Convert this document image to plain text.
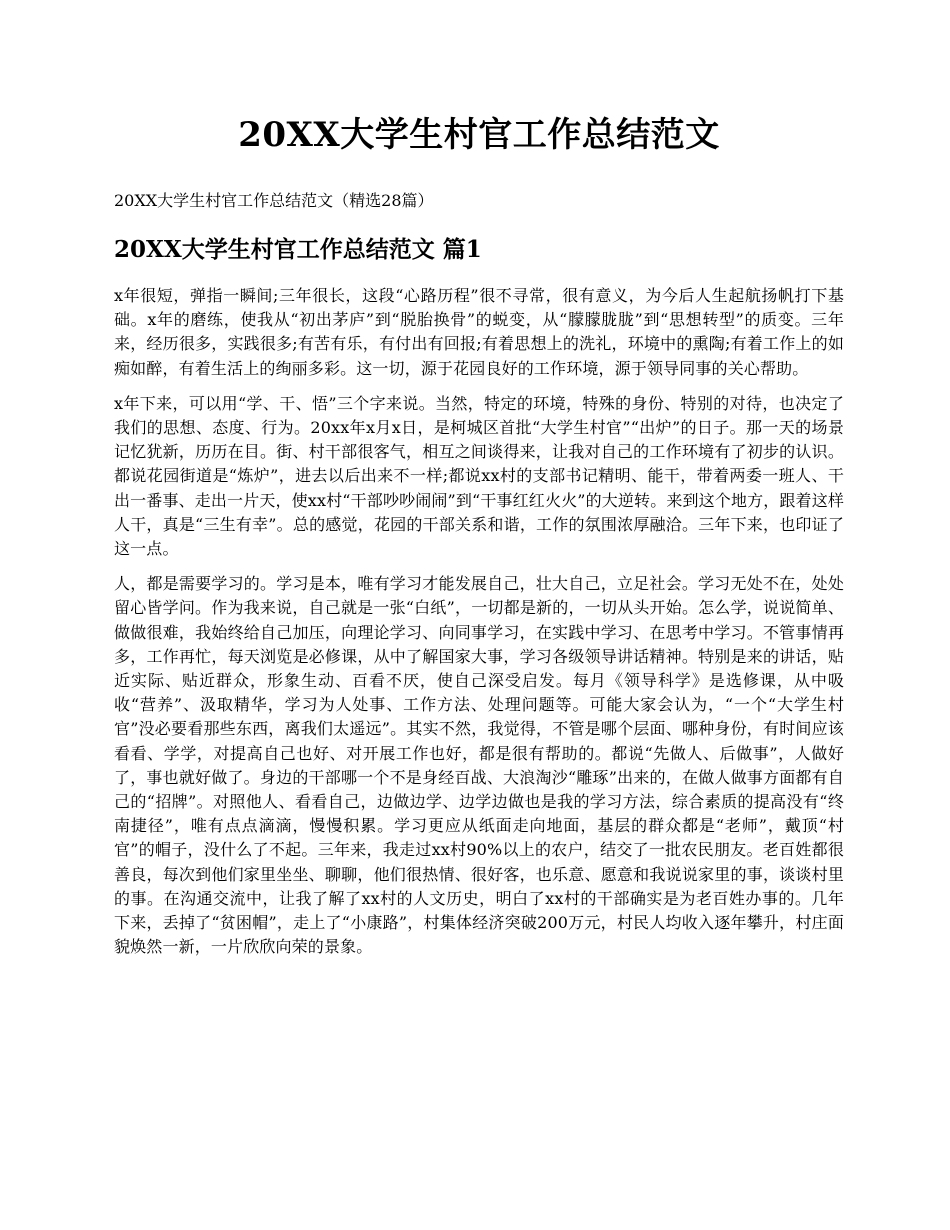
20XX大学生村官工作总结范文

20XX大学生村官工作总结范文（精选28篇）

20XX大学生村官工作总结范文 篇1

x年很短，弹指一瞬间;三年很长，这段“心路历程”很不寻常，很有意义，为今后人生起航扬帆打下基础。x年的磨练，使我从“初出茅庐”到“脱胎换骨”的蜕变，从“朦朦胧胧”到“思想转型”的质变。三年来，经历很多，实践很多;有苦有乐，有付出有回报;有着思想上的洗礼，环境中的熏陶;有着工作上的如痴如醉，有着生活上的绚丽多彩。这一切，源于花园良好的工作环境，源于领导同事的关心帮助。

x年下来，可以用“学、干、悟”三个字来说。当然，特定的环境，特殊的身份、特别的对待，也决定了我们的思想、态度、行为。20xx年x月x日，是柯城区首批“大学生村官”“出炉”的日子。那一天的场景记忆犹新，历历在目。街、村干部很客气，相互之间谈得来，让我对自己的工作环境有了初步的认识。都说花园街道是“炼炉”，进去以后出来不一样;都说xx村的支部书记精明、能干，带着两委一班人、干出一番事、走出一片天，使xx村“干部吵吵闹闹”到“干事红红火火”的大逆转。来到这个地方，跟着这样人干，真是“三生有幸”。总的感觉，花园的干部关系和谐，工作的氛围浓厚融洽。三年下来，也印证了这一点。

人，都是需要学习的。学习是本，唯有学习才能发展自己，壮大自己，立足社会。学习无处不在，处处留心皆学问。作为我来说，自己就是一张“白纸”，一切都是新的，一切从头开始。怎么学，说说简单、做做很难，我始终给自己加压，向理论学习、向同事学习，在实践中学习、在思考中学习。不管事情再多，工作再忙，每天浏览是必修课，从中了解国家大事，学习各级领导讲话精神。特别是来的讲话，贴近实际、贴近群众，形象生动、百看不厌，使自己深受启发。每月《领导科学》是选修课，从中吸收“营养”、汲取精华，学习为人处事、工作方法、处理问题等。可能大家会认为，“一个“大学生村官”没必要看那些东西，离我们太遥远”。其实不然，我觉得，不管是哪个层面、哪种身份，有时间应该看看、学学，对提高自己也好、对开展工作也好，都是很有帮助的。都说“先做人、后做事”，人做好了，事也就好做了。身边的干部哪一个不是身经百战、大浪淘沙“雕琢”出来的，在做人做事方面都有自己的“招牌”。对照他人、看看自己，边做边学、边学边做也是我的学习方法，综合素质的提高没有“终南捷径”，唯有点点滴滴，慢慢积累。学习更应从纸面走向地面，基层的群众都是“老师”，戴顶“村官”的帽子，没什么了不起。三年来，我走过xx村90%以上的农户，结交了一批农民朋友。老百姓都很善良，每次到他们家里坐坐、聊聊，他们很热情、很好客，也乐意、愿意和我说说家里的事，谈谈村里的事。在沟通交流中，让我了解了xx村的人文历史，明白了xx村的干部确实是为老百姓办事的。几年下来，丢掉了“贫困帽”，走上了“小康路”，村集体经济突破200万元，村民人均收入逐年攀升，村庄面貌焕然一新，一片欣欣向荣的景象。
